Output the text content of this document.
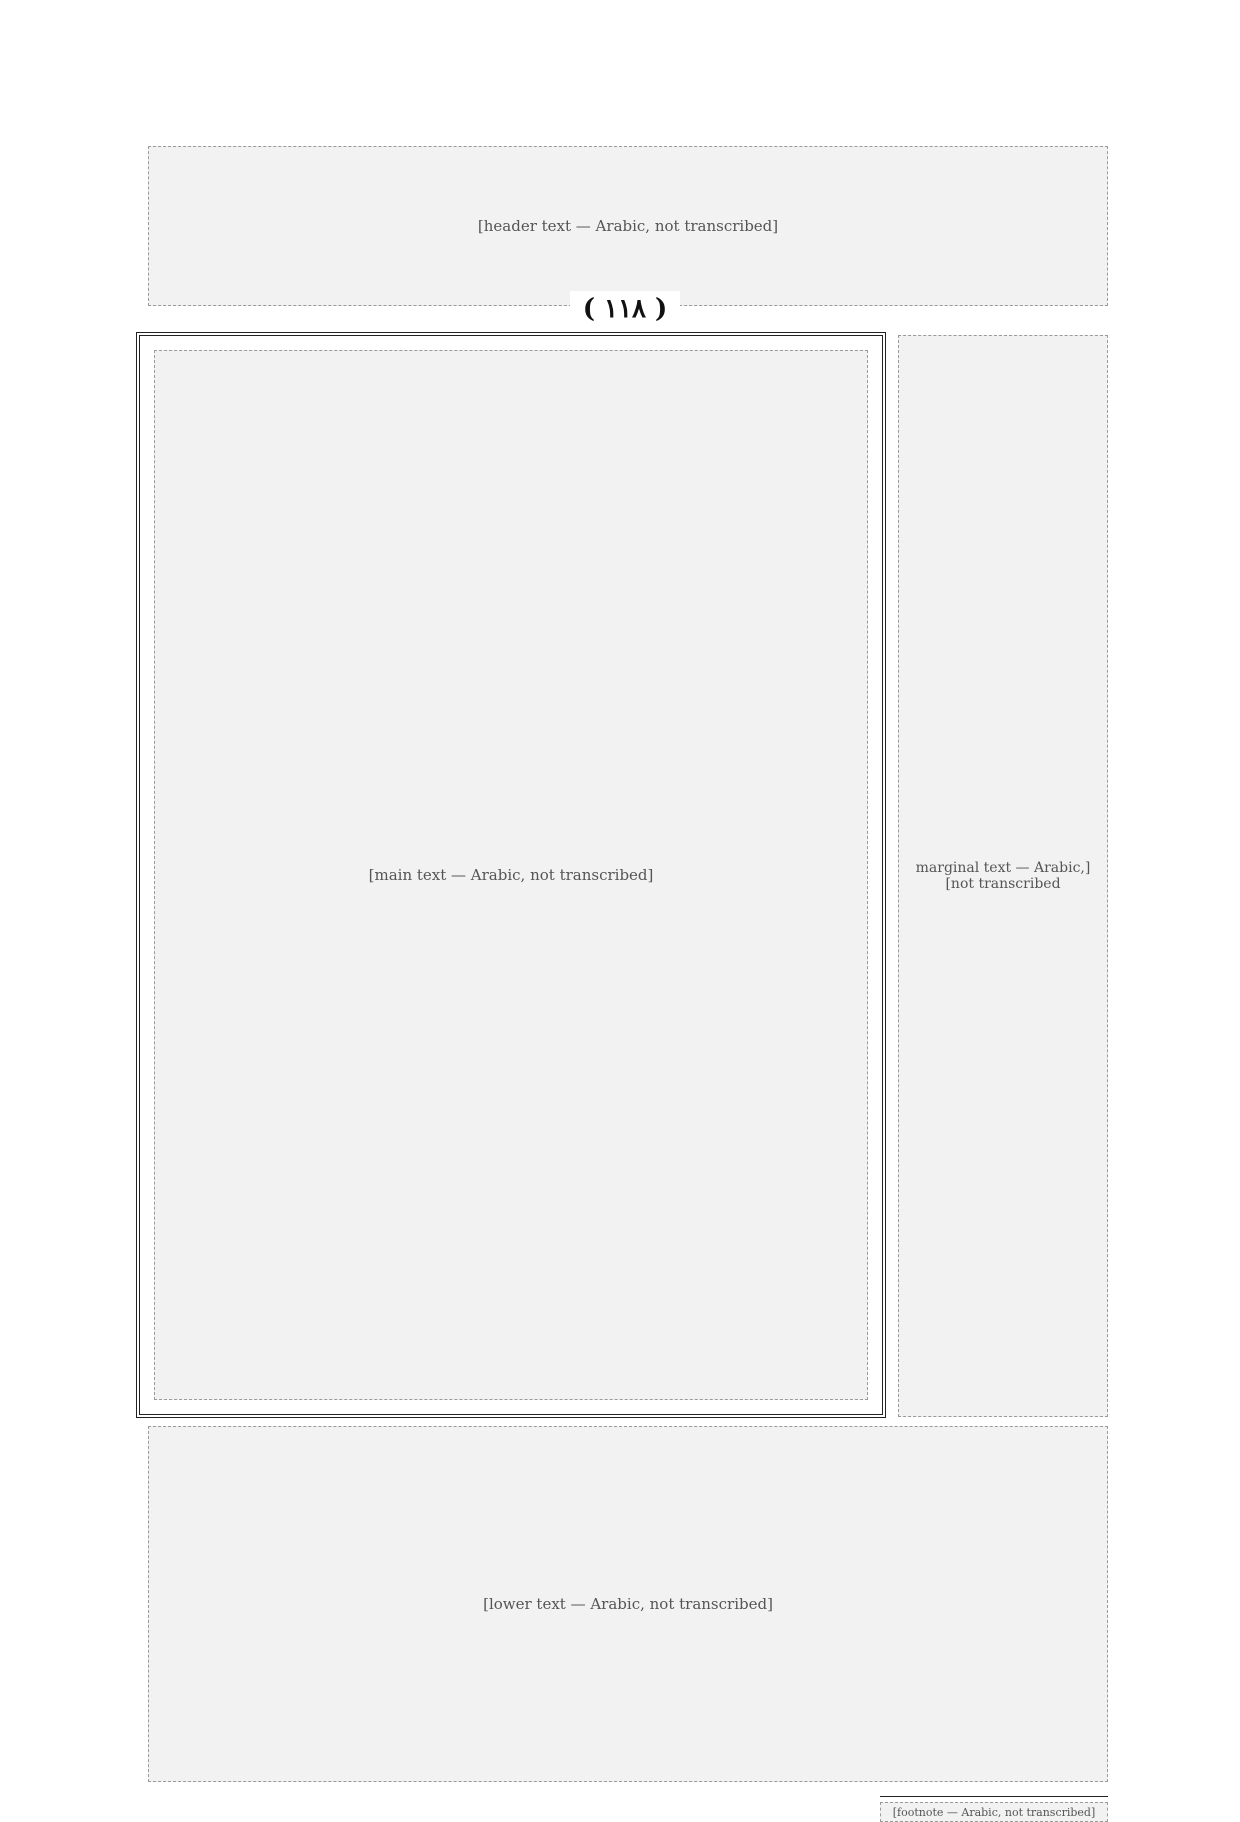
[header text — Arabic, not transcribed]
( ١١٨ )
[main text — Arabic, not transcribed]	[marginal text — Arabic, not transcribed]
[lower text — Arabic, not transcribed]
[footnote — Arabic, not transcribed]
